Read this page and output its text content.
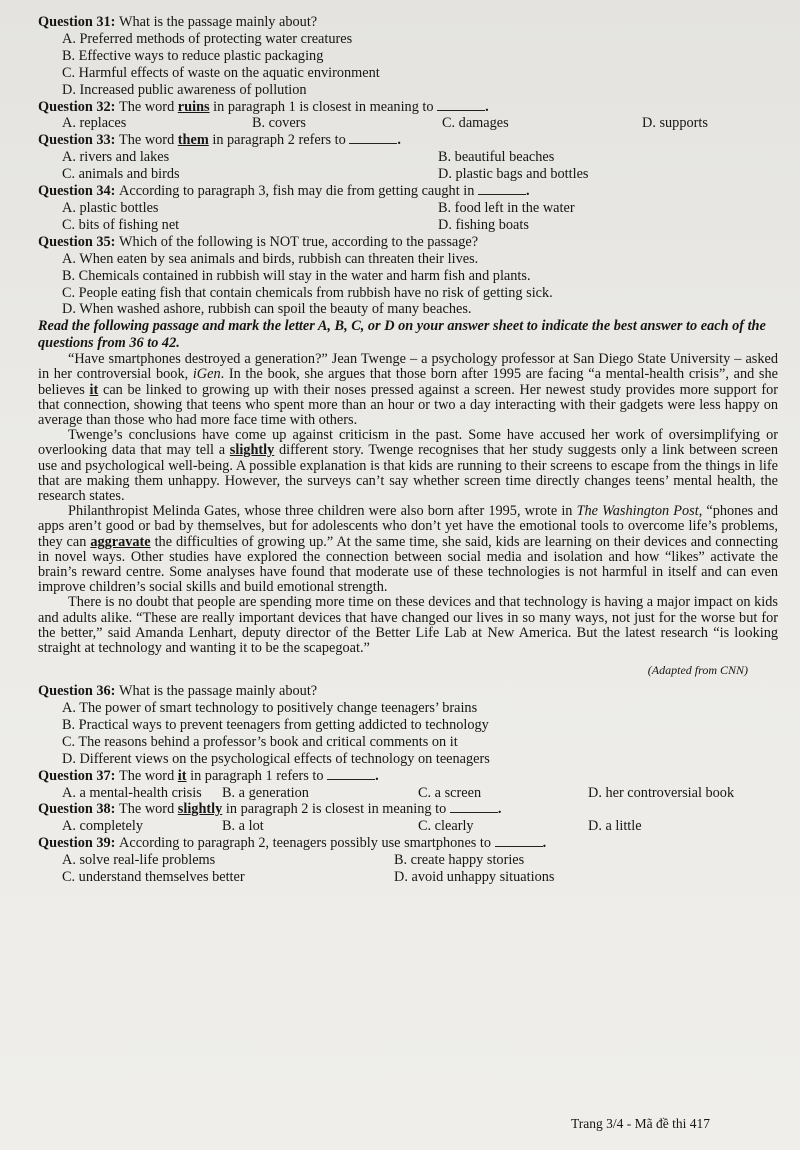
Question 31: What is the passage mainly about?

A. Preferred methods of protecting water creatures

B. Effective ways to reduce plastic packaging

C. Harmful effects of waste on the aquatic environment

D. Increased public awareness of pollution

Question 32: The word ruins in paragraph 1 is closest in meaning to	.

A. replaces	B. covers	C. damages	D. supports

Question 33: The word them in paragraph 2 refers to	.

A. rivers and lakes	B. beautiful beaches
C. animals and birds	D. plastic bags and bottles

Question 34: According to paragraph 3, fish may die from getting caught in	.

A. plastic bottles	B. food left in the water
C. bits of fishing net	D. fishing boats

Question 35: Which of the following is NOT true, according to the passage?

A. When eaten by sea animals and birds, rubbish can threaten their lives.

B. Chemicals contained in rubbish will stay in the water and harm fish and plants.

C. People eating fish that contain chemicals from rubbish have no risk of getting sick.

D. When washed ashore, rubbish can spoil the beauty of many beaches.

Read the following passage and mark the letter A, B, C, or D on your answer sheet to indicate the best answer to each of the questions from 36 to 42.

“Have smartphones destroyed a generation?” Jean Twenge – a psychology professor at San Diego State University – asked in her controversial book, iGen. In the book, she argues that those born after 1995 are facing “a mental-health crisis”, and she believes it can be linked to growing up with their noses pressed against a screen. Her newest study provides more support for that connection, showing that teens who spent more than an hour or two a day interacting with their gadgets were less happy on average than those who had more face time with others.

Twenge’s conclusions have come up against criticism in the past. Some have accused her work of oversimplifying or overlooking data that may tell a slightly different story. Twenge recognises that her study suggests only a link between screen use and psychological well-being. A possible explanation is that kids are running to their screens to escape from the things in life that are making them unhappy. However, the surveys can’t say whether screen time directly changes teens’ mental health, the research states.

Philanthropist Melinda Gates, whose three children were also born after 1995, wrote in The Washington Post, “phones and apps aren’t good or bad by themselves, but for adolescents who don’t yet have the emotional tools to overcome life’s problems, they can aggravate the difficulties of growing up.” At the same time, she said, kids are learning on their devices and connecting in novel ways. Other studies have explored the connection between social media and isolation and how “likes” activate the brain’s reward centre. Some analyses have found that moderate use of these technologies is not harmful in itself and can even improve children’s social skills and build emotional strength.

There is no doubt that people are spending more time on these devices and that technology is having a major impact on kids and adults alike. “These are really important devices that have changed our lives in so many ways, not just for the worse but for the better,” said Amanda Lenhart, deputy director of the Better Life Lab at New America. But the latest research “is looking straight at technology and wanting it to be the scapegoat.”

(Adapted from CNN)

Question 36: What is the passage mainly about?

A. The power of smart technology to positively change teenagers’ brains

B. Practical ways to prevent teenagers from getting addicted to technology

C. The reasons behind a professor’s book and critical comments on it

D. Different views on the psychological effects of technology on teenagers

Question 37: The word it in paragraph 1 refers to	.

A. a mental-health crisis	B. a generation	C. a screen	D. her controversial book

Question 38: The word slightly in paragraph 2 is closest in meaning to	.

A. completely	B. a lot	C. clearly	D. a little

Question 39: According to paragraph 2, teenagers possibly use smartphones to	.

A. solve real-life problems	B. create happy stories
C. understand themselves better	D. avoid unhappy situations
Trang 3/4 - Mã đề thi 417
